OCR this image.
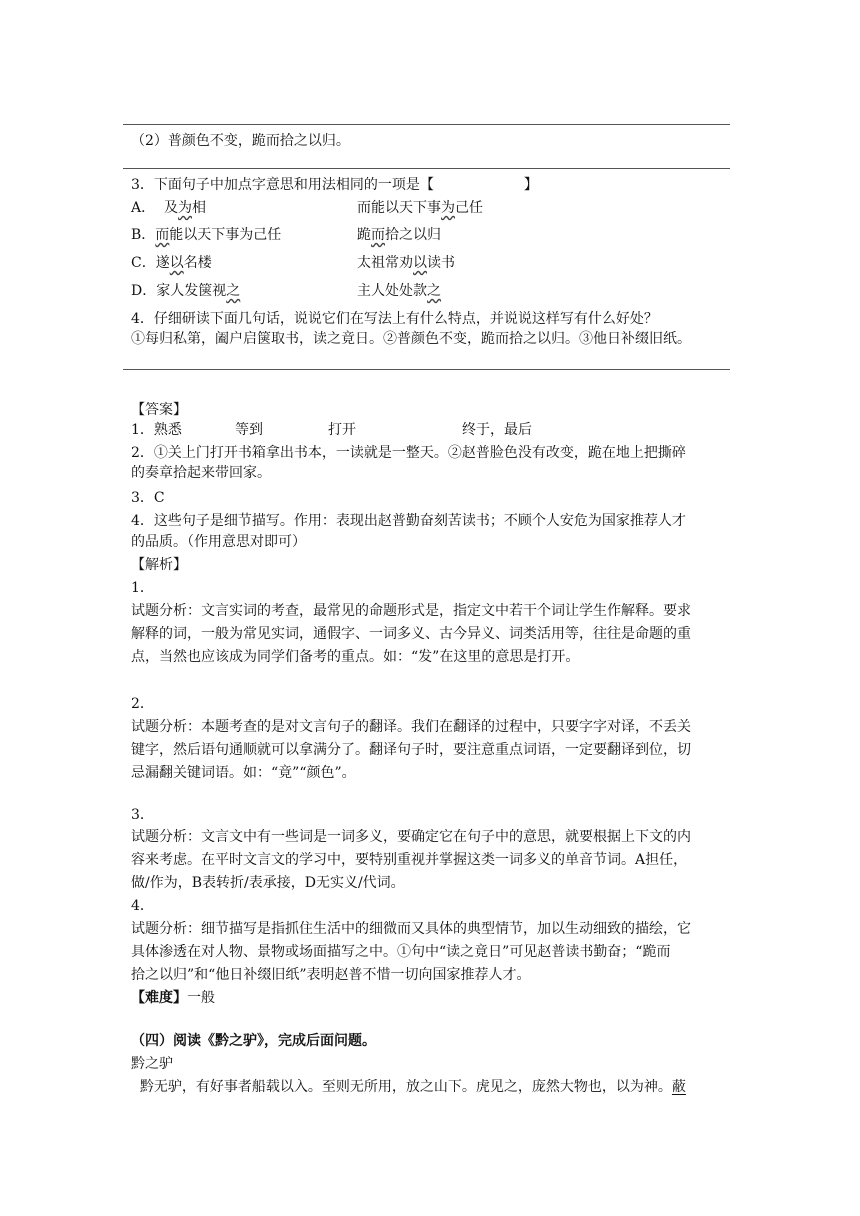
（2）普颜色不变，跪而拾之以归。
3．下面句子中加点字意思和用法相同的一项是【	】
A．  及为相	而能以天下事为己任
B．而能以天下事为己任	跪而拾之以归
C．遂以名楼	太祖常劝以读书
D．家人发箧视之	主人处处款之
4．仔细研读下面几句话，说说它们在写法上有什么特点，并说说这样写有什么好处？
①每归私第，阖户启箧取书，读之竟日。②普颜色不变，跪而拾之以归。③他日补缀旧纸。
【答案】
1．熟悉	等到	打开	终于，最后
2．①关上门打开书箱拿出书本，一读就是一整天。②赵普脸色没有改变，跪在地上把撕碎
的奏章拾起来带回家。
3．C
4．这些句子是细节描写。作用：表现出赵普勤奋刻苦读书；不顾个人安危为国家推荐人才
的品质。（作用意思对即可）
【解析】
1．
试题分析：文言实词的考查，最常见的命题形式是，指定文中若干个词让学生作解释。要求
解释的词，一般为常见实词，通假字、一词多义、古今异义、词类活用等，往往是命题的重
点，当然也应该成为同学们备考的重点。如：“发”在这里的意思是打开。
2．
试题分析：本题考查的是对文言句子的翻译。我们在翻译的过程中，只要字字对译，不丢关
键字，然后语句通顺就可以拿满分了。翻译句子时，要注意重点词语，一定要翻译到位，切
忌漏翻关键词语。如：“竟”“颜色”。
3．
试题分析：文言文中有一些词是一词多义，要确定它在句子中的意思，就要根据上下文的内
容来考虑。在平时文言文的学习中，要特别重视并掌握这类一词多义的单音节词。A担任，
做/作为，B表转折/表承接，D无实义/代词。
4．
试题分析：细节描写是指抓住生活中的细微而又具体的典型情节，加以生动细致的描绘，它
具体渗透在对人物、景物或场面描写之中。①句中“读之竟日”可见赵普读书勤奋；“跪而
拾之以归”和“他日补缀旧纸”表明赵普不惜一切向国家推荐人才。
【难度】一般
（四）阅读《黔之驴》，完成后面问题。
黔之驴
黔无驴，有好事者船载以入。至则无所用，放之山下。虎见之，庞然大物也，以为神。蔽
